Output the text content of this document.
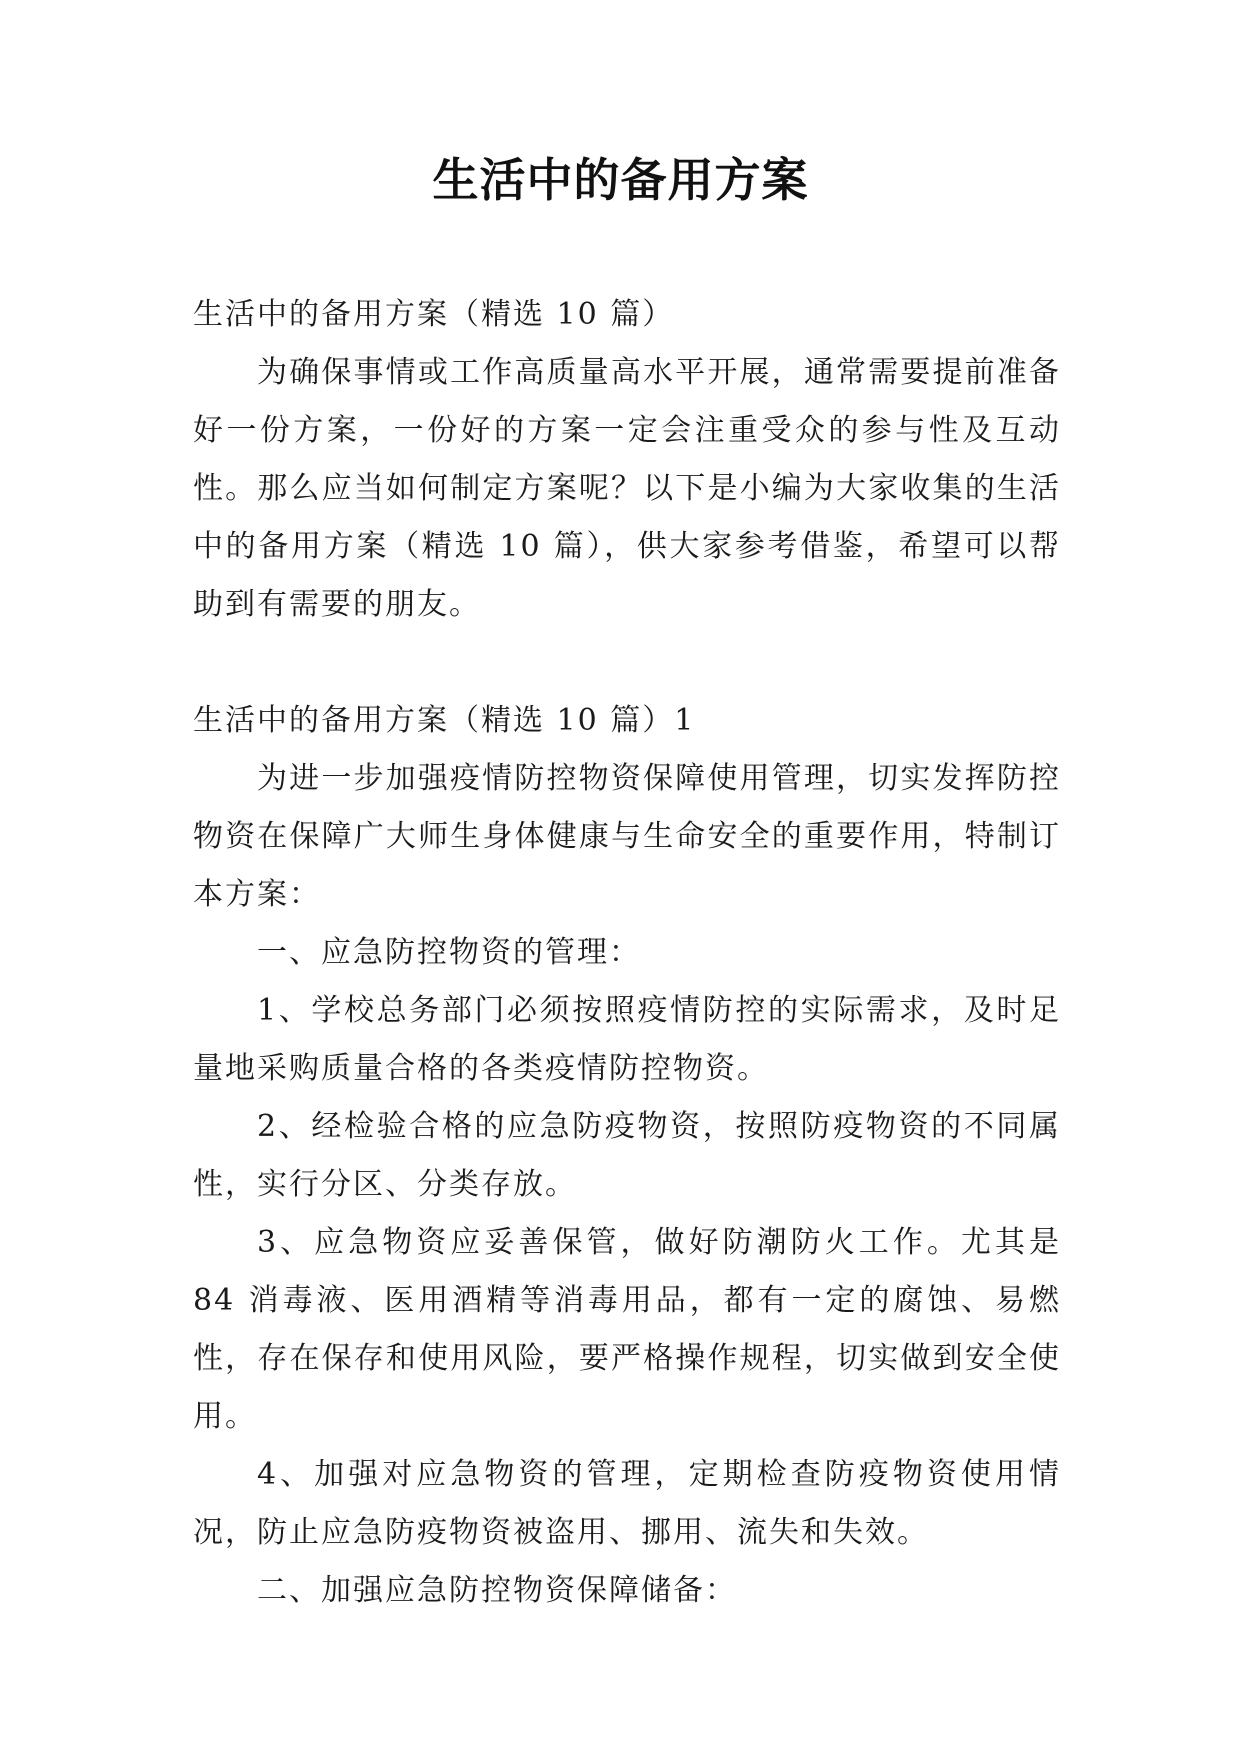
生活中的备用方案

生活中的备用方案（精选 10 篇）

为确保事情或工作高质量高水平开展，通常需要提前准备好一份方案，一份好的方案一定会注重受众的参与性及互动性。那么应当如何制定方案呢？以下是小编为大家收集的生活中的备用方案（精选 10 篇），供大家参考借鉴，希望可以帮助到有需要的朋友。

生活中的备用方案（精选 10 篇）1

为进一步加强疫情防控物资保障使用管理，切实发挥防控物资在保障广大师生身体健康与生命安全的重要作用，特制订本方案：

一、应急防控物资的管理：

1、学校总务部门必须按照疫情防控的实际需求，及时足量地采购质量合格的各类疫情防控物资。

2、经检验合格的应急防疫物资，按照防疫物资的不同属性，实行分区、分类存放。

3、应急物资应妥善保管，做好防潮防火工作。尤其是 84 消毒液、医用酒精等消毒用品，都有一定的腐蚀、易燃性，存在保存和使用风险，要严格操作规程，切实做到安全使用。

4、加强对应急物资的管理，定期检查防疫物资使用情况，防止应急防疫物资被盗用、挪用、流失和失效。

二、加强应急防控物资保障储备：
